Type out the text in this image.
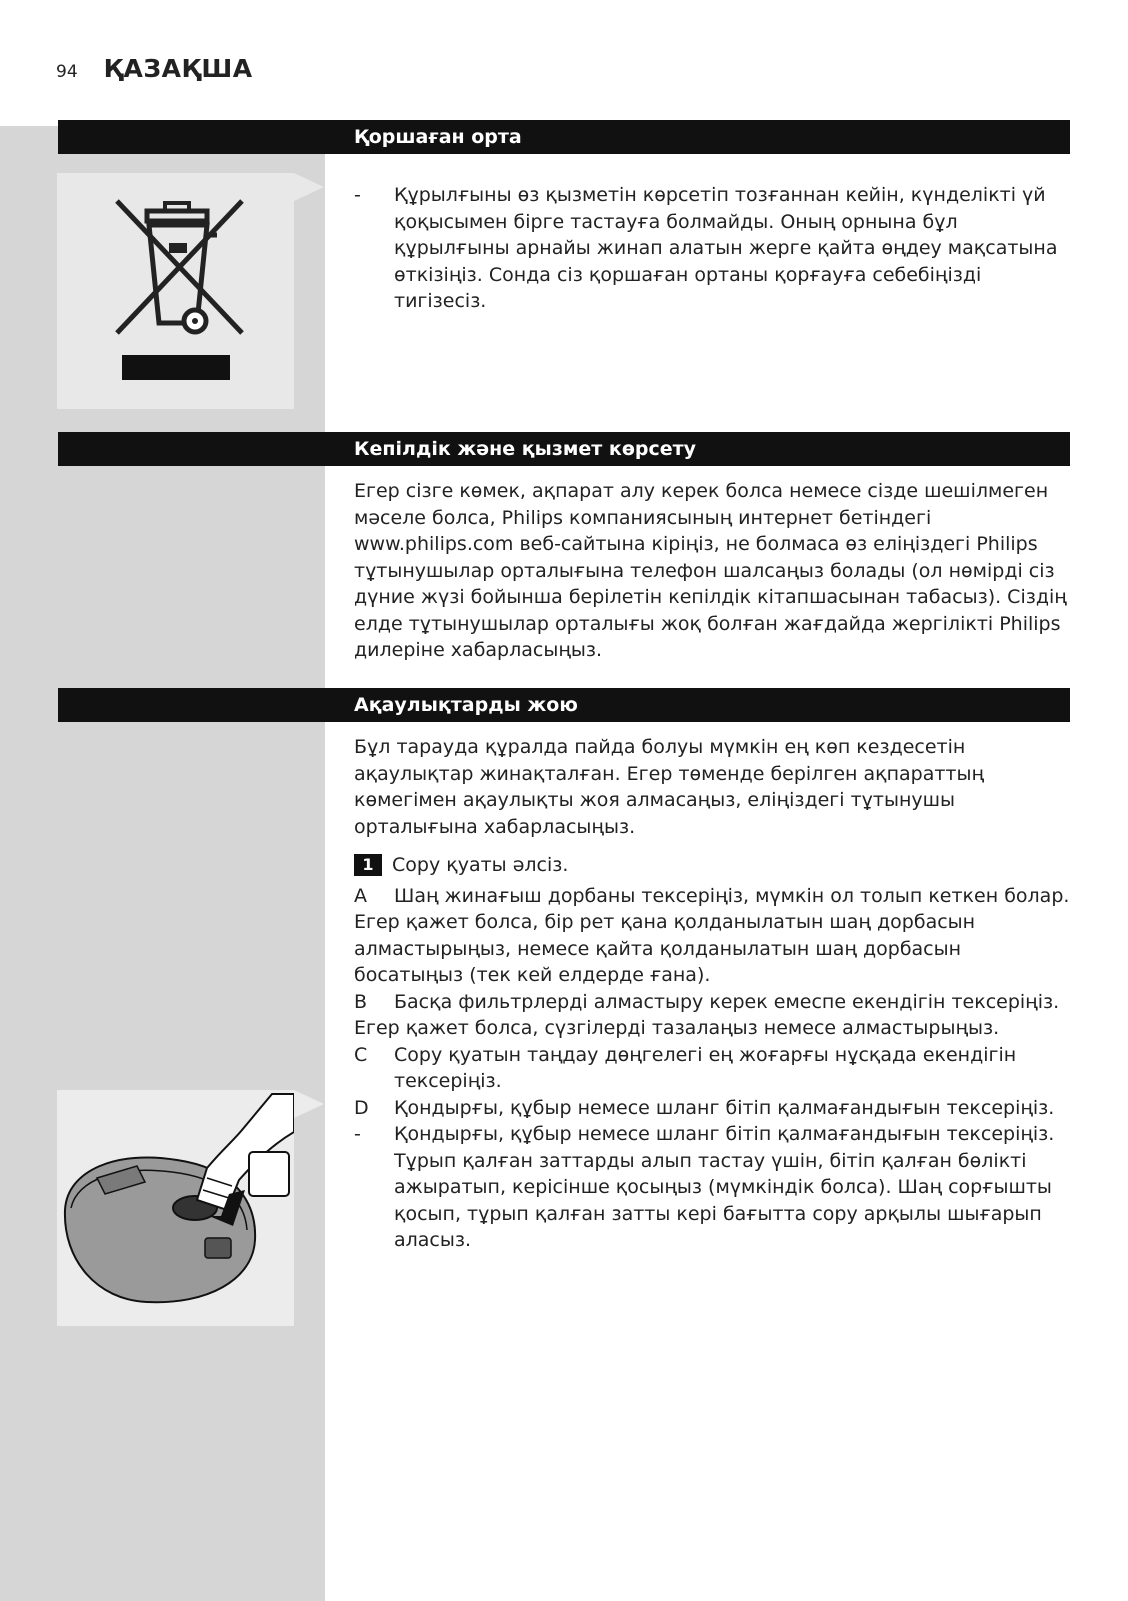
94 ҚАЗАҚША
Қоршаған орта

- Құрылғыны өз қызметін көрсетіп тозғаннан кейін, күнделікті үй қоқысымен бірге тастауға болмайды. Оның орнына бұл құрылғыны арнайы жинап алатын жерге қайта өңдеу мақсатына өткізіңіз. Сонда сіз қоршаған ортаны қорғауға себебіңізді тигізесіз.

Кепілдік және қызмет көрсету

Егер сізге көмек, ақпарат алу керек болса немесе сізде шешілмеген мәселе болса, Philips компаниясының интернет бетіндегі www.philips.com веб-сайтына кіріңіз, не болмаса өз еліңіздегі Philips тұтынушылар орталығына телефон шалсаңыз болады (ол нөмірді сіз дүние жүзі бойынша берілетін кепілдік кітапшасынан табасыз). Сіздің елде тұтынушылар орталығы жоқ болған жағдайда жергілікті Philips дилеріне хабарласыңыз.

Ақаулықтарды жою

Бұл тарауда құралда пайда болуы мүмкін ең көп кездесетін ақаулықтар жинақталған. Егер төменде берілген ақпараттың көмегімен ақаулықты жоя алмасаңыз, еліңіздегі тұтынушы орталығына хабарласыңыз.

1 Сору қуаты әлсіз.

A Шаң жинағыш дорбаны тексеріңіз, мүмкін ол толып кеткен болар. Егер қажет болса, бір рет қана қолданылатын шаң дорбасын алмастырыңыз, немесе қайта қолданылатын шаң дорбасын босатыңыз (тек кей елдерде ғана).

B Басқа фильтрлерді алмастыру керек емеспе екендігін тексеріңіз. Егер қажет болса, сүзгілерді тазалаңыз немесе алмастырыңыз.

C Сору қуатын таңдау дөңгелегі ең жоғарғы нұсқада екендігін тексеріңіз.

D Қондырғы, құбыр немесе шланг бітіп қалмағандығын тексеріңіз.

- Қондырғы, құбыр немесе шланг бітіп қалмағандығын тексеріңіз. Тұрып қалған заттарды алып тастау үшін, бітіп қалған бөлікті ажыратып, керісінше қосыңыз (мүмкіндік болса). Шаң сорғышты қосып, тұрып қалған затты кері бағытта сору арқылы шығарып аласыз.
